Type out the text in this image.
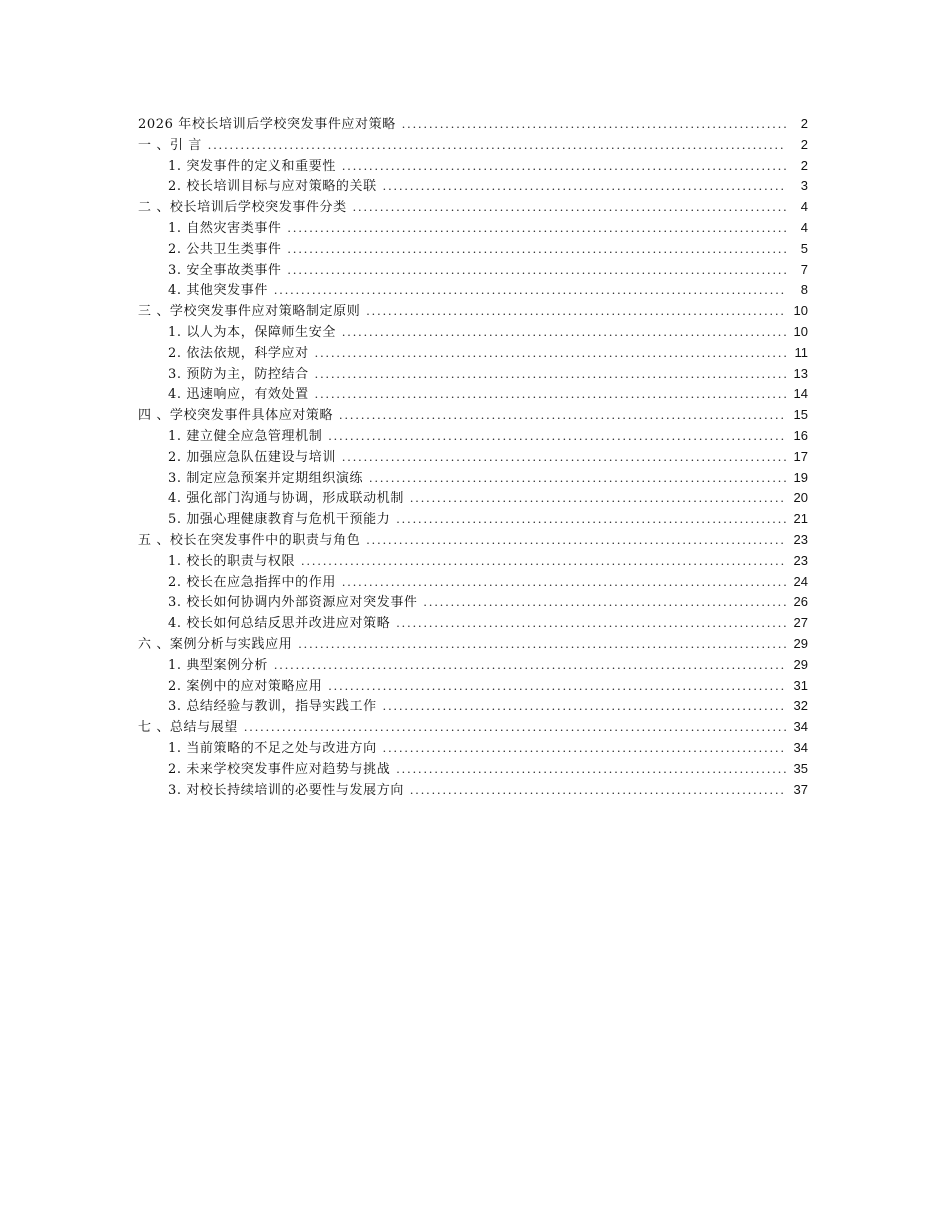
2026 年校长培训后学校突发事件应对策略 .....	2
一 、引 言 .....	2
1. 突发事件的定义和重要性 .....	2
2. 校长培训目标与应对策略的关联 .....	3
二 、校长培训后学校突发事件分类 .....	4
1. 自然灾害类事件 .....	4
2. 公共卫生类事件 .....	5
3. 安全事故类事件 .....	7
4. 其他突发事件 .....	8
三 、学校突发事件应对策略制定原则 .....	10
1. 以人为本，保障师生安全 .....	10
2. 依法依规，科学应对 .....	11
3. 预防为主，防控结合 .....	13
4. 迅速响应，有效处置 .....	14
四 、学校突发事件具体应对策略 .....	15
1. 建立健全应急管理机制 .....	16
2. 加强应急队伍建设与培训 .....	17
3. 制定应急预案并定期组织演练 .....	19
4. 强化部门沟通与协调，形成联动机制 .....	20
5. 加强心理健康教育与危机干预能力 .....	21
五 、校长在突发事件中的职责与角色 .....	23
1. 校长的职责与权限 .....	23
2. 校长在应急指挥中的作用 .....	24
3. 校长如何协调内外部资源应对突发事件 .....	26
4. 校长如何总结反思并改进应对策略 .....	27
六 、案例分析与实践应用 .....	29
1. 典型案例分析 .....	29
2. 案例中的应对策略应用 .....	31
3. 总结经验与教训，指导实践工作 .....	32
七 、总结与展望 .....	34
1. 当前策略的不足之处与改进方向 .....	34
2. 未来学校突发事件应对趋势与挑战 .....	35
3. 对校长持续培训的必要性与发展方向 .....	37
